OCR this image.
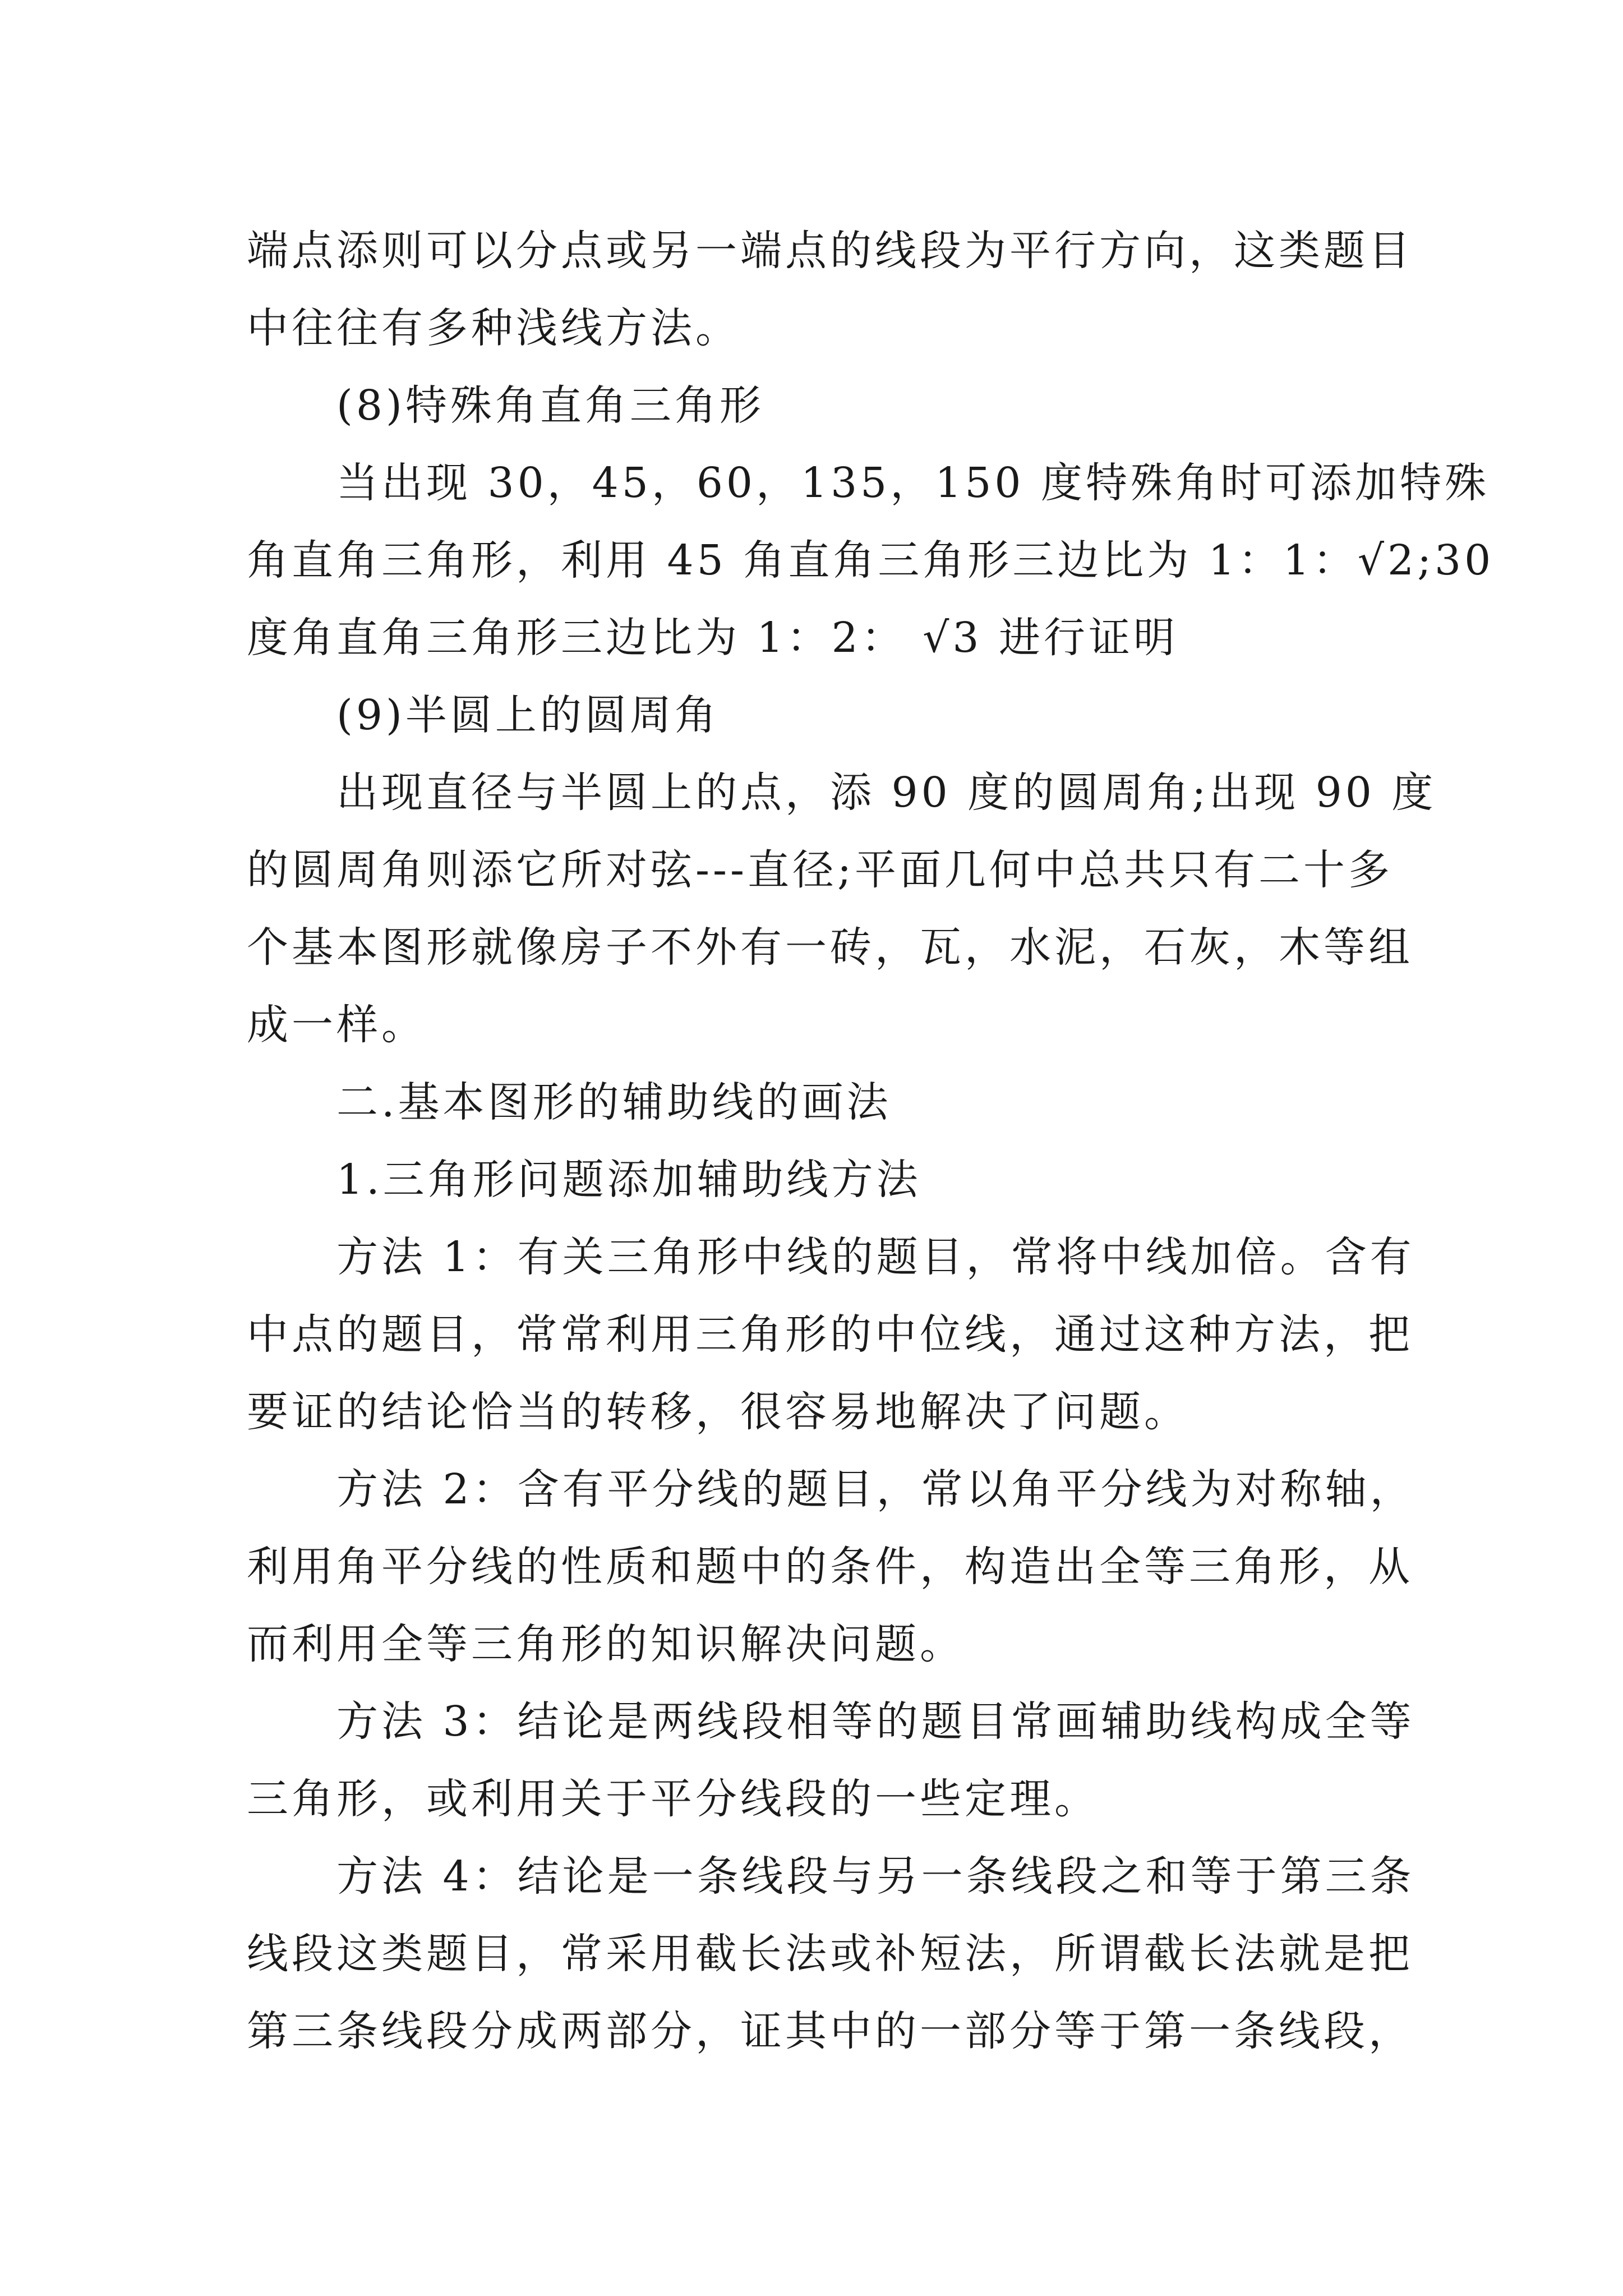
端点添则可以分点或另一端点的线段为平行方向，这类题目
中往往有多种浅线方法。
(8)特殊角直角三角形
当出现 30，45，60，135，150 度特殊角时可添加特殊
角直角三角形，利用 45 角直角三角形三边比为 1：1：√2;30
度角直角三角形三边比为 1：2： √3 进行证明
(9)半圆上的圆周角
出现直径与半圆上的点，添 90 度的圆周角;出现 90 度
的圆周角则添它所对弦---直径;平面几何中总共只有二十多
个基本图形就像房子不外有一砖，瓦，水泥，石灰，木等组
成一样。
二.基本图形的辅助线的画法
1.三角形问题添加辅助线方法
方法 1：有关三角形中线的题目，常将中线加倍。含有
中点的题目，常常利用三角形的中位线，通过这种方法，把
要证的结论恰当的转移，很容易地解决了问题。
方法 2：含有平分线的题目，常以角平分线为对称轴，
利用角平分线的性质和题中的条件，构造出全等三角形，从
而利用全等三角形的知识解决问题。
方法 3：结论是两线段相等的题目常画辅助线构成全等
三角形，或利用关于平分线段的一些定理。
方法 4：结论是一条线段与另一条线段之和等于第三条
线段这类题目，常采用截长法或补短法，所谓截长法就是把
第三条线段分成两部分，证其中的一部分等于第一条线段，
